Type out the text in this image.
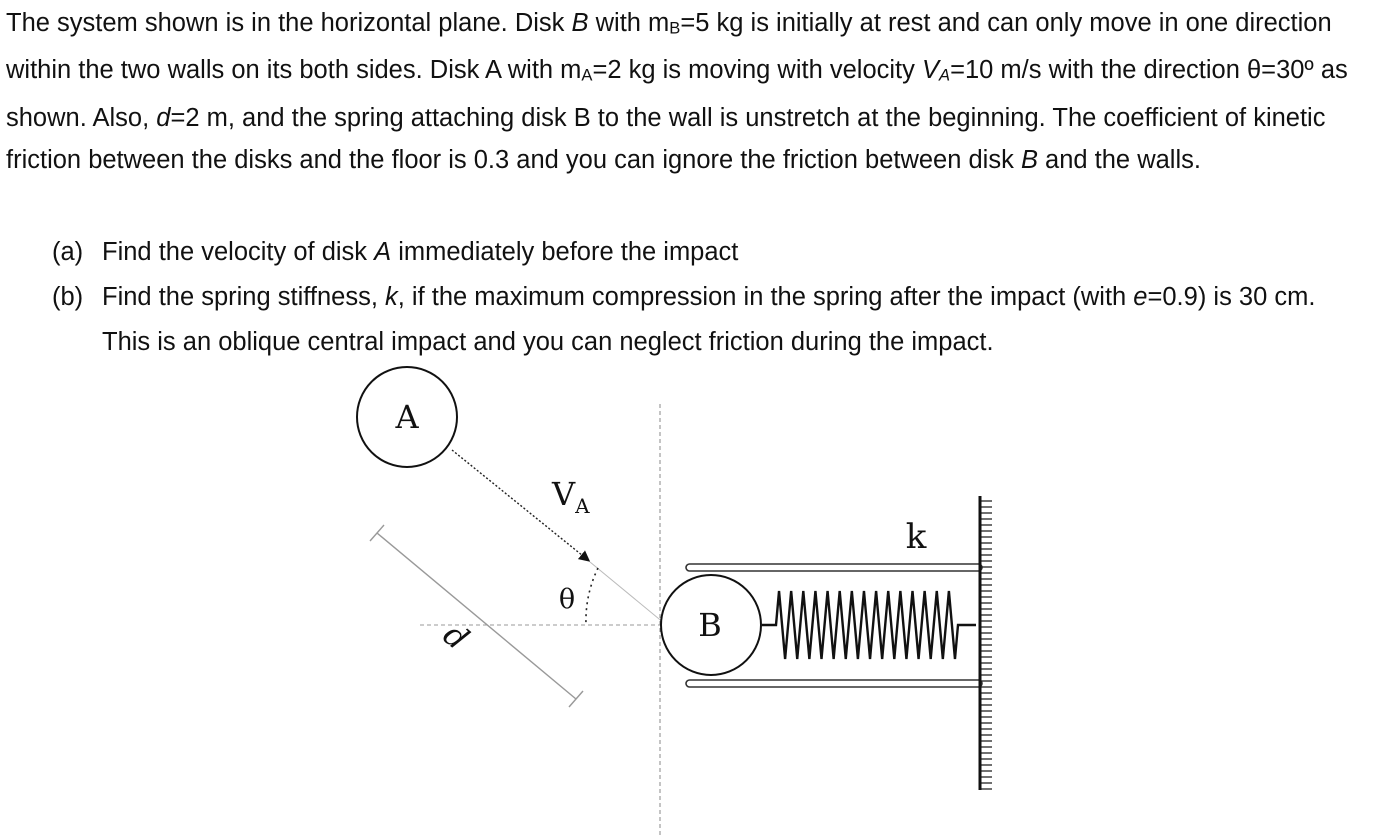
The system shown is in the horizontal plane. Disk B with $m_B=5$ kg is initially at rest and can only move in one direction within the two walls on its both sides. Disk A with $m_A=2$ kg is moving with velocity $V_A=10$ m/s with the direction θ=30º as shown. Also, d=2 m, and the spring attaching disk B to the wall is unstretch at the beginning. The coefficient of kinetic friction between the disks and the floor is 0.3 and you can ignore the friction between disk B and the walls.

(a) Find the velocity of disk A immediately before the impact
(b) Find the spring stiffness, k, if the maximum compression in the spring after the impact (with e=0.9) is 30 cm. This is an oblique central impact and you can neglect friction during the impact.
A
$V_A$
θ
d
k
B
